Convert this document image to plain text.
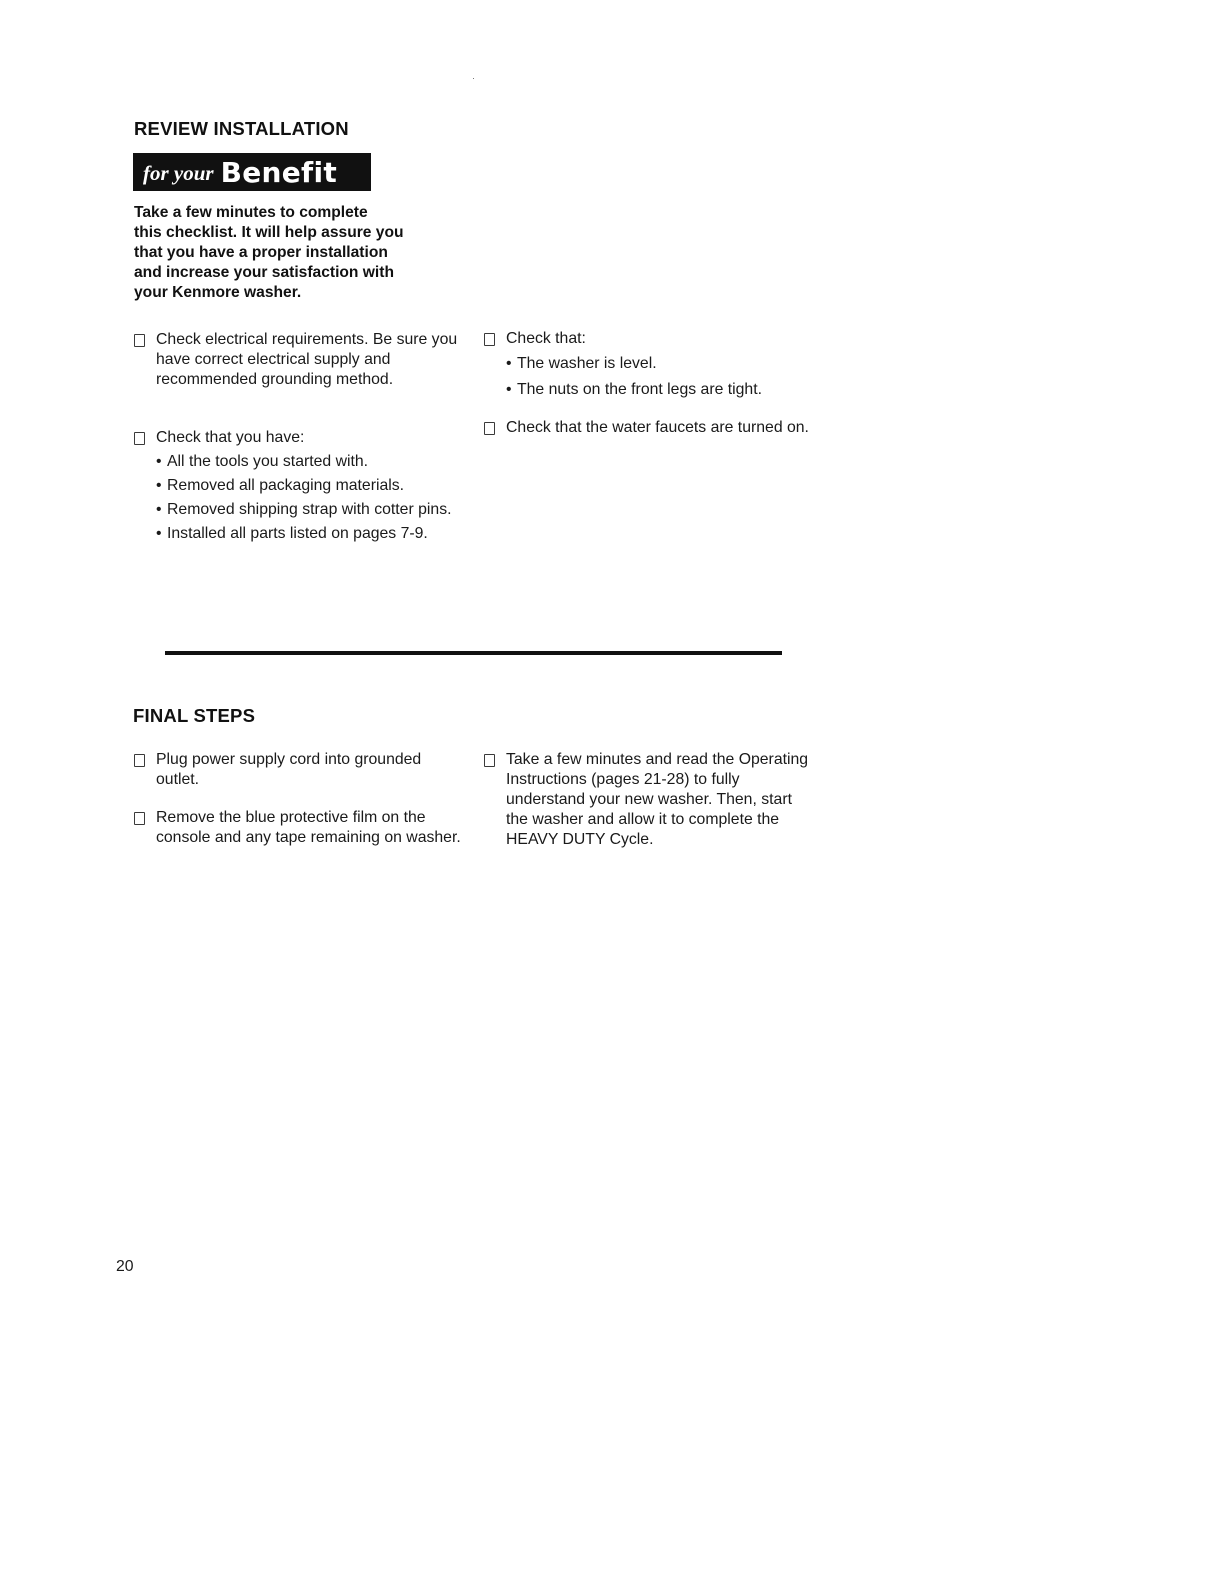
REVIEW INSTALLATION
for your Benefit
Take a few minutes to complete
this checklist. It will help assure you
that you have a proper installation
and increase your satisfaction with
your Kenmore washer.
Check electrical requirements. Be sure you have correct electrical supply and recommended grounding method.
Check that you have:
• All the tools you started with.
• Removed all packaging materials.
• Removed shipping strap with cotter pins.
• Installed all parts listed on pages 7-9.
Check that:
• The washer is level.
• The nuts on the front legs are tight.
Check that the water faucets are turned on.
FINAL STEPS
Plug power supply cord into grounded outlet.
Remove the blue protective film on the console and any tape remaining on washer.
Take a few minutes and read the Operating Instructions (pages 21-28) to fully understand your new washer. Then, start the washer and allow it to complete the HEAVY DUTY Cycle.
20
